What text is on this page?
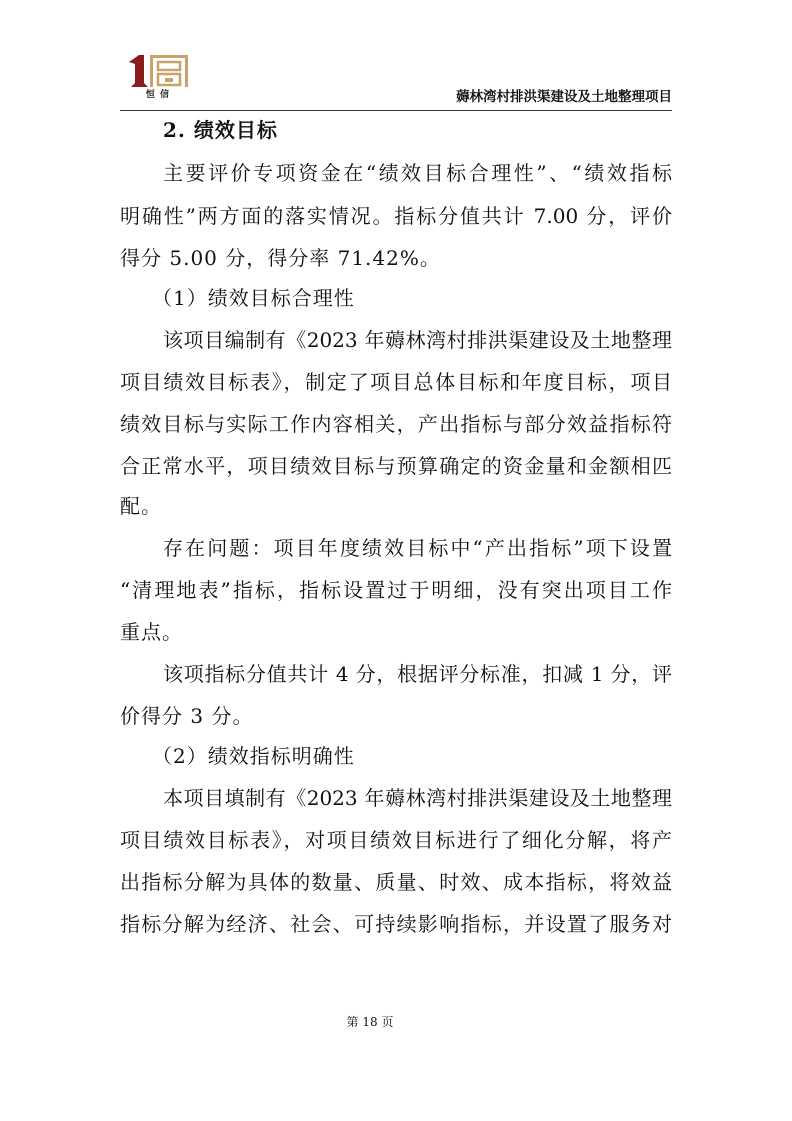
恒 信	薅林湾村排洪渠建设及土地整理项目

2. 绩效目标

主要评价专项资金在“绩效目标合理性”、“绩效指标

明确性”两方面的落实情况。指标分值共计 7.00 分，评价

得分 5.00 分，得分率 71.42%。

（1）绩效目标合理性

该项目编制有《2023 年薅林湾村排洪渠建设及土地整理

项目绩效目标表》，制定了项目总体目标和年度目标，项目

绩效目标与实际工作内容相关，产出指标与部分效益指标符

合正常水平，项目绩效目标与预算确定的资金量和金额相匹

配。

存在问题：项目年度绩效目标中“产出指标”项下设置

“清理地表”指标，指标设置过于明细，没有突出项目工作

重点。

该项指标分值共计 4 分，根据评分标准，扣减 1 分，评

价得分 3 分。

（2）绩效指标明确性

本项目填制有《2023 年薅林湾村排洪渠建设及土地整理

项目绩效目标表》，对项目绩效目标进行了细化分解，将产

出指标分解为具体的数量、质量、时效、成本指标，将效益

指标分解为经济、社会、可持续影响指标，并设置了服务对

第 18 页
